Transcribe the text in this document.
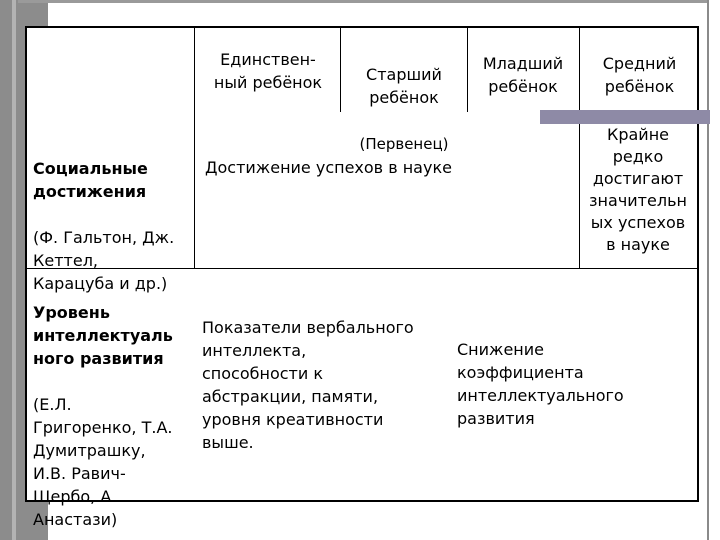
Единствен-
ный ребёнок	Старший
ребёнок

(Первенец)

Младший
ребёнок
Средний
ребёнок

Социальные
достижения

(Ф. Гальтон, Дж.
Кеттел,
Карацуба и др.)

Достижение успехов в науке
Крайне
редко
достигают
значительн
ых успехов
в науке

Уровень
интеллектуаль
ного развития

(Е.Л.
Григоренко, Т.А.
Думитрашку,
И.В. Равич-
Щербо, А.
Анастази)

Показатели вербального
интеллекта,
способности к
абстракции, памяти,
уровня креативности
выше.
Снижение
коэффициента
интеллектуального
развития
